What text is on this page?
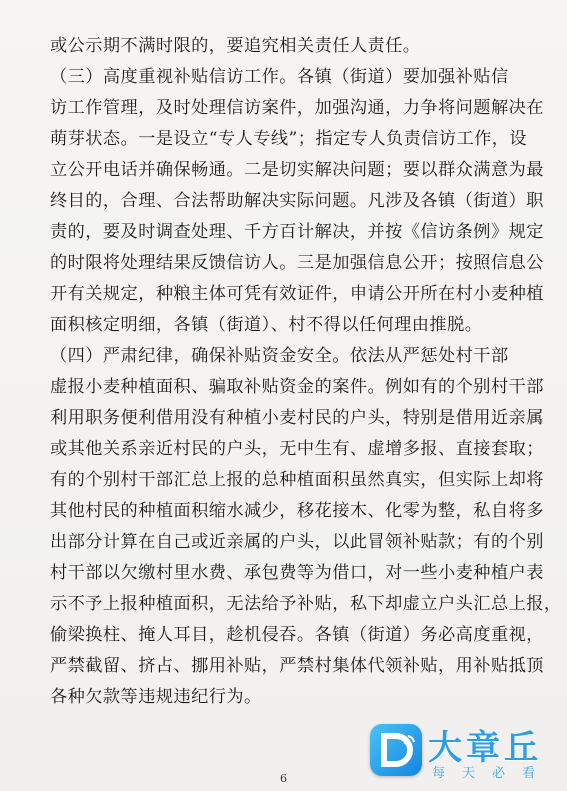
或公示期不满时限的，要追究相关责任人责任。
（三）高度重视补贴信访工作。各镇（街道）要加强补贴信
访工作管理，及时处理信访案件，加强沟通，力争将问题解决在
萌芽状态。一是设立“专人专线”；指定专人负责信访工作，设
立公开电话并确保畅通。二是切实解决问题；要以群众满意为最
终目的，合理、合法帮助解决实际问题。凡涉及各镇（街道）职
责的，要及时调查处理、千方百计解决，并按《信访条例》规定
的时限将处理结果反馈信访人。三是加强信息公开；按照信息公
开有关规定，种粮主体可凭有效证件，申请公开所在村小麦种植
面积核定明细，各镇（街道）、村不得以任何理由推脱。
（四）严肃纪律，确保补贴资金安全。依法从严惩处村干部
虚报小麦种植面积、骗取补贴资金的案件。例如有的个别村干部
利用职务便利借用没有种植小麦村民的户头，特别是借用近亲属
或其他关系亲近村民的户头，无中生有、虚增多报、直接套取；
有的个别村干部汇总上报的总种植面积虽然真实，但实际上却将
其他村民的种植面积缩水减少，移花接木、化零为整，私自将多
出部分计算在自己或近亲属的户头，以此冒领补贴款；有的个别
村干部以欠缴村里水费、承包费等为借口，对一些小麦种植户表
示不予上报种植面积，无法给予补贴，私下却虚立户头汇总上报，
偷梁换柱、掩人耳目，趁机侵吞。各镇（街道）务必高度重视，
严禁截留、挤占、挪用补贴，严禁村集体代领补贴，用补贴抵顶
各种欠款等违规违纪行为。
6
大章丘
每天必看
